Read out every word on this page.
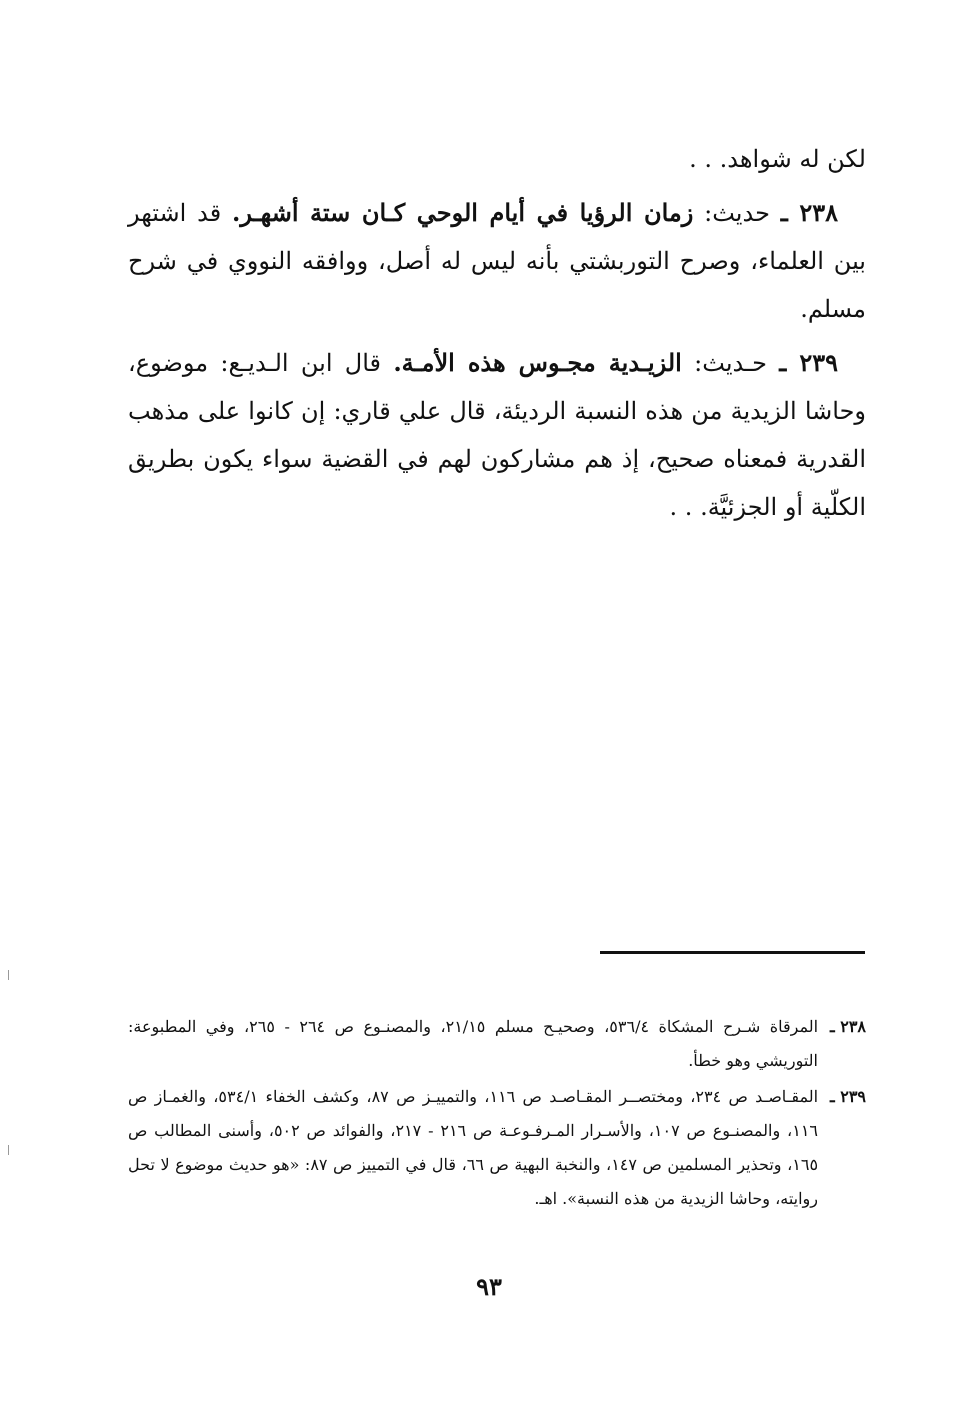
لكن له شواهد. . .

٢٣٨ ـ حديث: زمان الرؤيا في أيام الوحي كـان ستة أشهـر. قد اشتهر بين العلماء، وصرح التوربشتي بأنه ليس له أصل، ووافقه النووي في شرح مسلم.

٢٣٩ ـ حـديث: الزيـدية مجـوس هذه الأمـة. قال ابن الـديـع: موضوع، وحاشا الزيدية من هذه النسبة الرديئة، قال علي قاري: إن كانوا على مذهب القدرية فمعناه صحيح، إذ هم مشاركون لهم في القضية سواء يكون بطريق الكلّية أو الجزئيَّة. . .

٢٣٨ ـ
المرقاة شـرح المشكاة ٥٣٦/٤، وصحيـح مسلم ٢١/١٥، والمصنـوع ص ٢٦٤ - ٢٦٥، وفي المطبوعة: التوريشي وهو خطأ.

٢٣٩ ـ
المقـاصـد ص ٢٣٤، ومختصــر المقـاصـد ص ١١٦، والتمييـز ص ٨٧، وكشف الخفاء ٥٣٤/١، والغمـاز ص ١١٦، والمصنـوع ص ١٠٧، والأسـرار المـرفـوعـة ص ٢١٦ - ٢١٧، والفوائد ص ٥٠٢، وأسنى المطالب ص ١٦٥، وتحذير المسلمين ص ١٤٧، والنخبة البهية ص ٦٦، قال في التمييز ص ٨٧: «هو حديث موضوع لا تحل روايته، وحاشا الزيدية من هذه النسبة». اهـ.

٩٣
